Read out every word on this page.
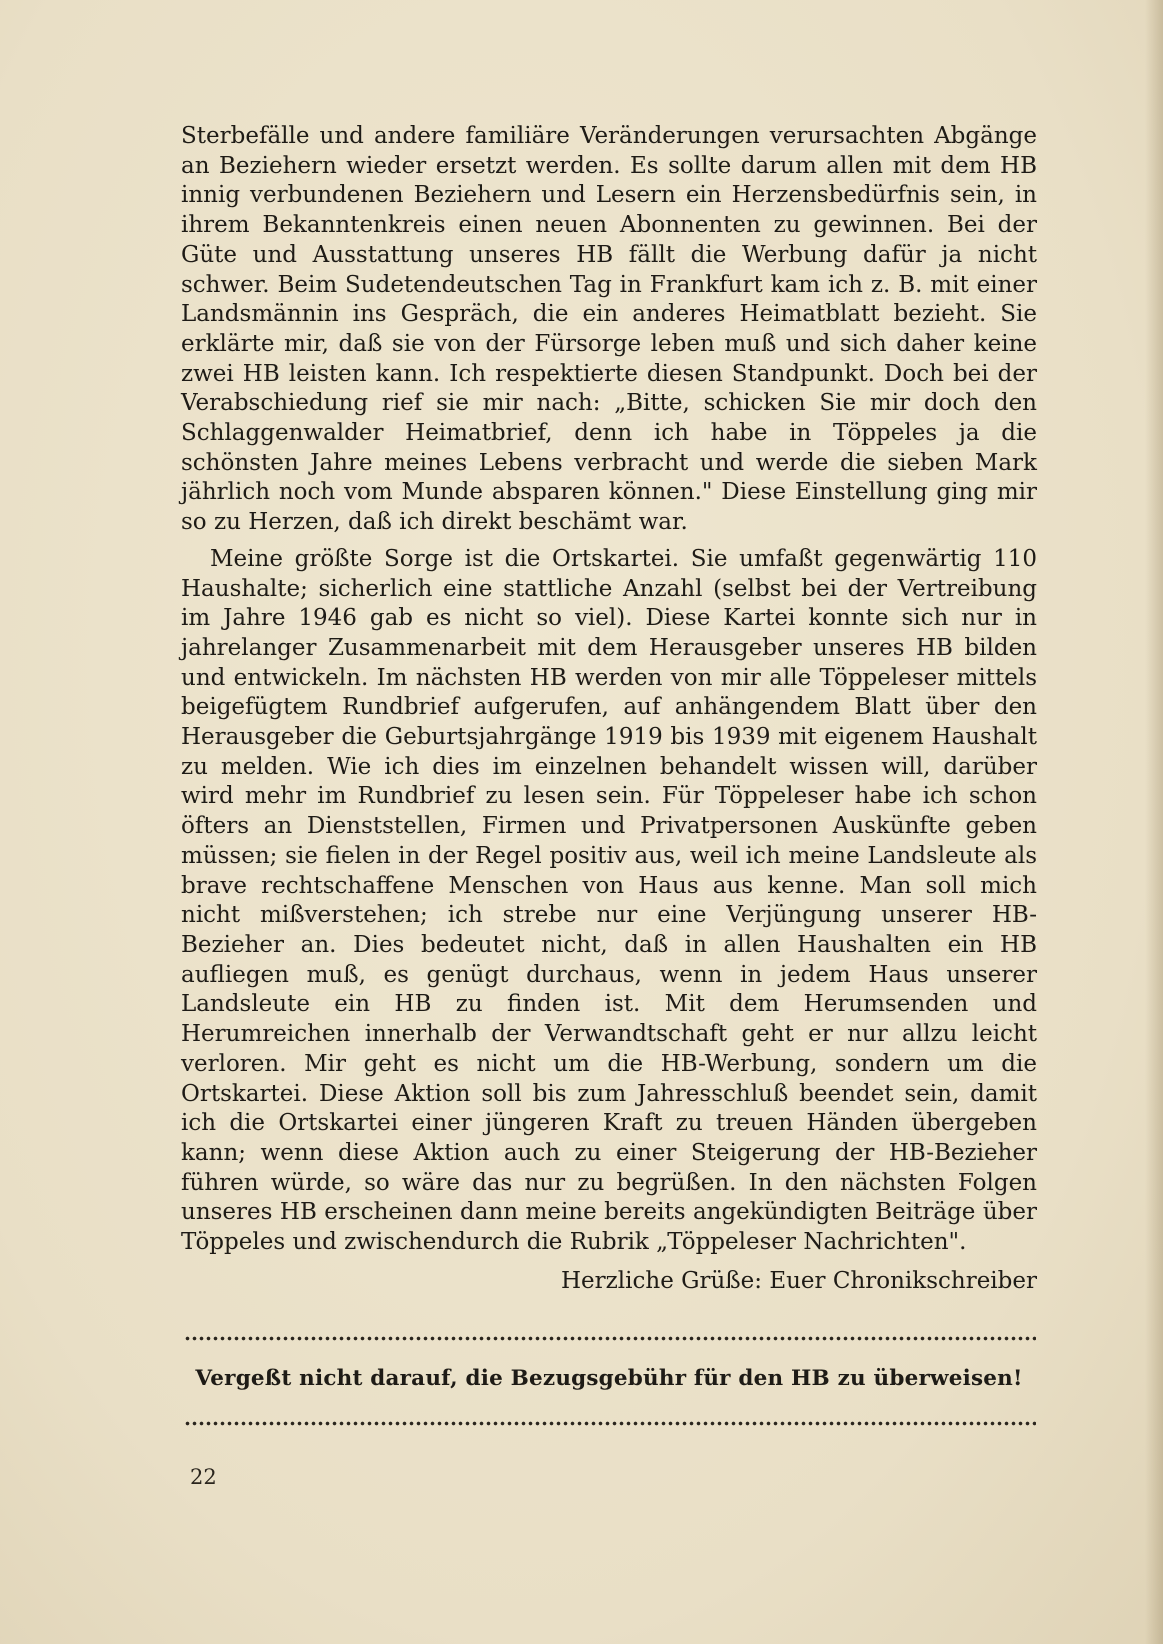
Sterbefälle und andere familiäre Veränderungen verursachten Abgänge an Beziehern wieder ersetzt werden. Es sollte darum allen mit dem HB innig verbundenen Beziehern und Lesern ein Herzensbedürfnis sein, in ihrem Bekanntenkreis einen neuen Abonnenten zu gewinnen. Bei der Güte und Ausstattung unseres HB fällt die Werbung dafür ja nicht schwer. Beim Sudetendeutschen Tag in Frankfurt kam ich z. B. mit einer Landsmännin ins Gespräch, die ein anderes Heimatblatt bezieht. Sie erklärte mir, daß sie von der Fürsorge leben muß und sich daher keine zwei HB leisten kann. Ich respektierte diesen Standpunkt. Doch bei der Verabschiedung rief sie mir nach: „Bitte, schicken Sie mir doch den Schlaggenwalder Heimatbrief, denn ich habe in Töppeles ja die schönsten Jahre meines Lebens verbracht und werde die sieben Mark jährlich noch vom Munde absparen können." Diese Einstellung ging mir so zu Herzen, daß ich direkt beschämt war.

Meine größte Sorge ist die Ortskartei. Sie umfaßt gegenwärtig 110 Haushalte; sicherlich eine stattliche Anzahl (selbst bei der Vertreibung im Jahre 1946 gab es nicht so viel). Diese Kartei konnte sich nur in jahrelanger Zusammenarbeit mit dem Herausgeber unseres HB bilden und entwickeln. Im nächsten HB werden von mir alle Töppeleser mittels beigefügtem Rundbrief aufgerufen, auf anhängendem Blatt über den Herausgeber die Geburtsjahrgänge 1919 bis 1939 mit eigenem Haushalt zu melden. Wie ich dies im einzelnen behandelt wissen will, darüber wird mehr im Rundbrief zu lesen sein. Für Töppeleser habe ich schon öfters an Dienststellen, Firmen und Privatpersonen Auskünfte geben müssen; sie fielen in der Regel positiv aus, weil ich meine Landsleute als brave rechtschaffene Menschen von Haus aus kenne. Man soll mich nicht mißverstehen; ich strebe nur eine Verjüngung unserer HB-Bezieher an. Dies bedeutet nicht, daß in allen Haushalten ein HB aufliegen muß, es genügt durchaus, wenn in jedem Haus unserer Landsleute ein HB zu finden ist. Mit dem Herumsenden und Herumreichen innerhalb der Verwandtschaft geht er nur allzu leicht verloren. Mir geht es nicht um die HB-Werbung, sondern um die Ortskartei. Diese Aktion soll bis zum Jahresschluß beendet sein, damit ich die Ortskartei einer jüngeren Kraft zu treuen Händen übergeben kann; wenn diese Aktion auch zu einer Steigerung der HB-Bezieher führen würde, so wäre das nur zu begrüßen. In den nächsten Folgen unseres HB erscheinen dann meine bereits angekündigten Beiträge über Töppeles und zwischendurch die Rubrik „Töppeleser Nachrichten".

Herzliche Grüße: Euer Chronikschreiber
Vergeßt nicht darauf, die Bezugsgebühr für den HB zu überweisen!
22
